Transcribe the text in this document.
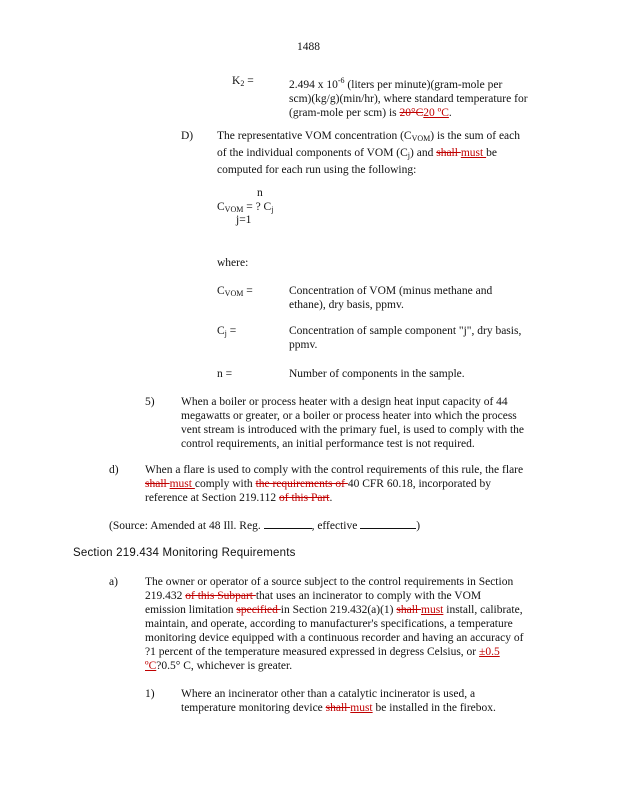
1488
$K_2$ =	2.494 x $10^{-6}$ (liters per minute)(gram-mole per
scm)(kg/g)(min/hr), where standard temperature for
(gram-mole per scm) is 20°C20 ºC.
D) The representative VOM concentration $(C_{VOM})$ is the sum of each
of the individual components of VOM $(C_j)$ and shall must be
computed for each run using the following:
n
$C_{VOM}$ = ? $C_j$
j=1
where:
$C_{VOM}$ =	Concentration of VOM (minus methane and
ethane), dry basis, ppmv.
$C_j$ =	Concentration of sample component "j", dry basis,
ppmv.
n =	Number of components in the sample.
5) When a boiler or process heater with a design heat input capacity of 44
megawatts or greater, or a boiler or process heater into which the process
vent stream is introduced with the primary fuel, is used to comply with the
control requirements, an initial performance test is not required.
d) When a flare is used to comply with the control requirements of this rule, the flare
shall must comply with the requirements of 40 CFR 60.18, incorporated by
reference at Section 219.112 of this Part.
(Source: Amended at 48 Ill. Reg.	, effective	)
Section 219.434 Monitoring Requirements
a) The owner or operator of a source subject to the control requirements in Section
219.432 of this Subpart that uses an incinerator to comply with the VOM
emission limitation specified in Section 219.432(a)(1) shall must install, calibrate,
maintain, and operate, according to manufacturer's specifications, a temperature
monitoring device equipped with a continuous recorder and having an accuracy of
?1 percent of the temperature measured expressed in degress Celsius, or ±0.5
ºC?0.5° C, whichever is greater.
1) Where an incinerator other than a catalytic incinerator is used, a
temperature monitoring device shall must be installed in the firebox.
